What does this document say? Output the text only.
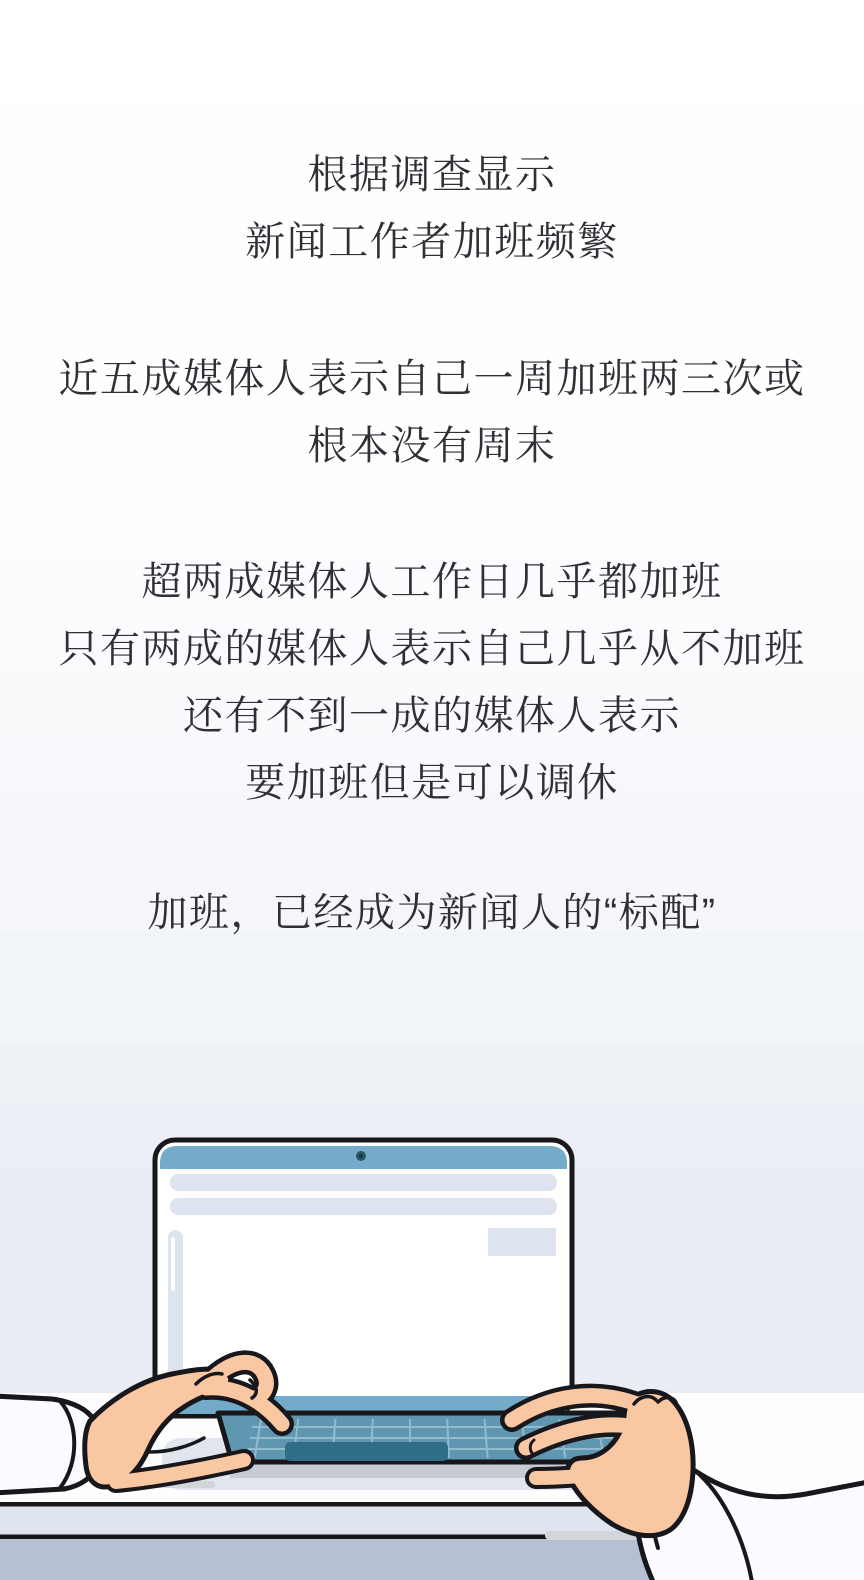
根据调查显示
新闻工作者加班频繁
近五成媒体人表示自己一周加班两三次或
根本没有周末
超两成媒体人工作日几乎都加班
只有两成的媒体人表示自己几乎从不加班
还有不到一成的媒体人表示
要加班但是可以调休
加班，已经成为新闻人的“标配”
